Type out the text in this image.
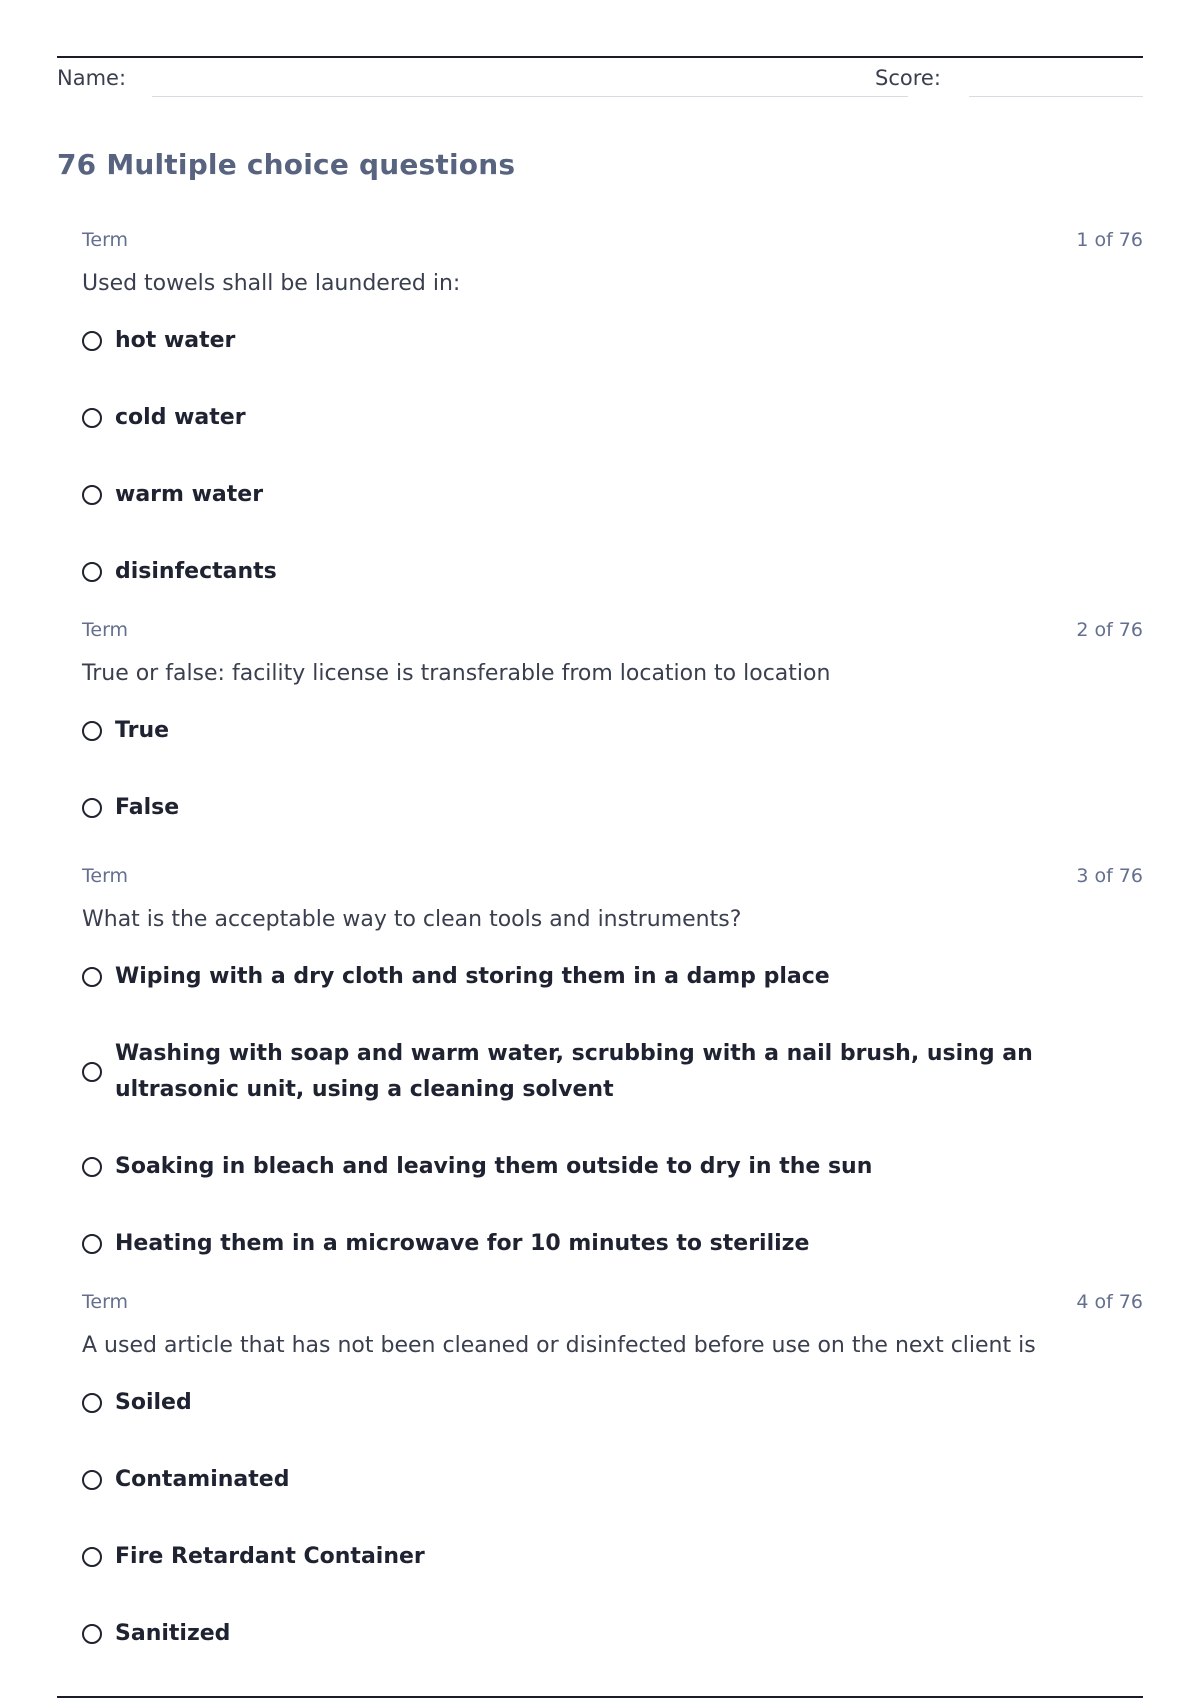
Name:	Score:
76 Multiple choice questions
Term	1 of 76
Used towels shall be laundered in:
hot water
cold water
warm water
disinfectants
Term	2 of 76
True or false: facility license is transferable from location to location
True
False
Term	3 of 76
What is the acceptable way to clean tools and instruments?
Wiping with a dry cloth and storing them in a damp place
Washing with soap and warm water, scrubbing with a nail brush, using an ultrasonic unit, using a cleaning solvent
Soaking in bleach and leaving them outside to dry in the sun
Heating them in a microwave for 10 minutes to sterilize
Term	4 of 76
A used article that has not been cleaned or disinfected before use on the next client is
Soiled
Contaminated
Fire Retardant Container
Sanitized
